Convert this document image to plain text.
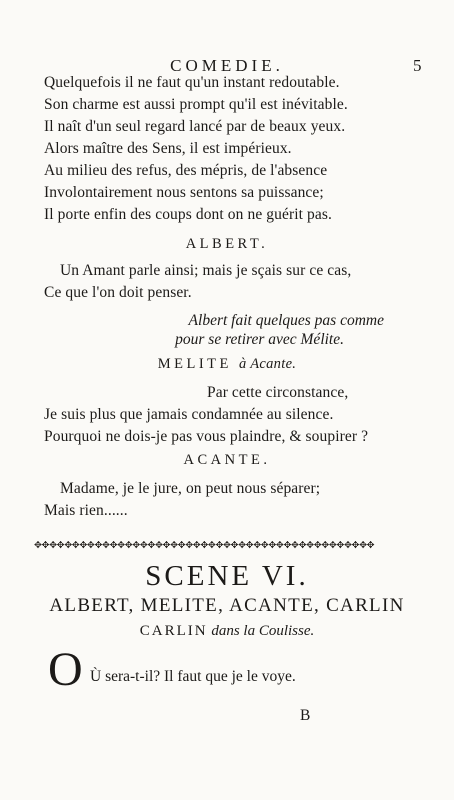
COMEDIE.	5
Quelquefois il ne faut qu'un instant redoutable.
Son charme est aussi prompt qu'il est inévitable.
Il naît d'un seul regard lancé par de beaux yeux.
Alors maître des Sens, il est impérieux.
Au milieu des refus, des mépris, de l'absence
Involontairement nous sentons sa puissance;
Il porte enfin des coups dont on ne guérit pas.
ALBERT.
Un Amant parle ainsi; mais je sçais sur ce cas,
Ce que l'on doit penser.
Albert fait quelques pas comme
pour se retirer avec Mélite.
MELITE à Acante.
Par cette circonstance,
Je suis plus que jamais condamnée au silence.
Pourquoi ne dois-je pas vous plaindre, & soupirer ?
ACANTE.
Madame, je le jure, on peut nous séparer;
Mais rien......
✥✥✥✥✥✥✥✥✥✥✥✥✥✥✥✥✥✥✥✥✥✥✥✥✥✥✥✥✥✥✥✥✥✥✥✥✥✥✥✥✥✥✥✥✥
SCENE VI.
ALBERT, MELITE, ACANTE, CARLIN
CARLIN dans la Coulisse.
O Ù sera-t-il? Il faut que je le voye.
B
